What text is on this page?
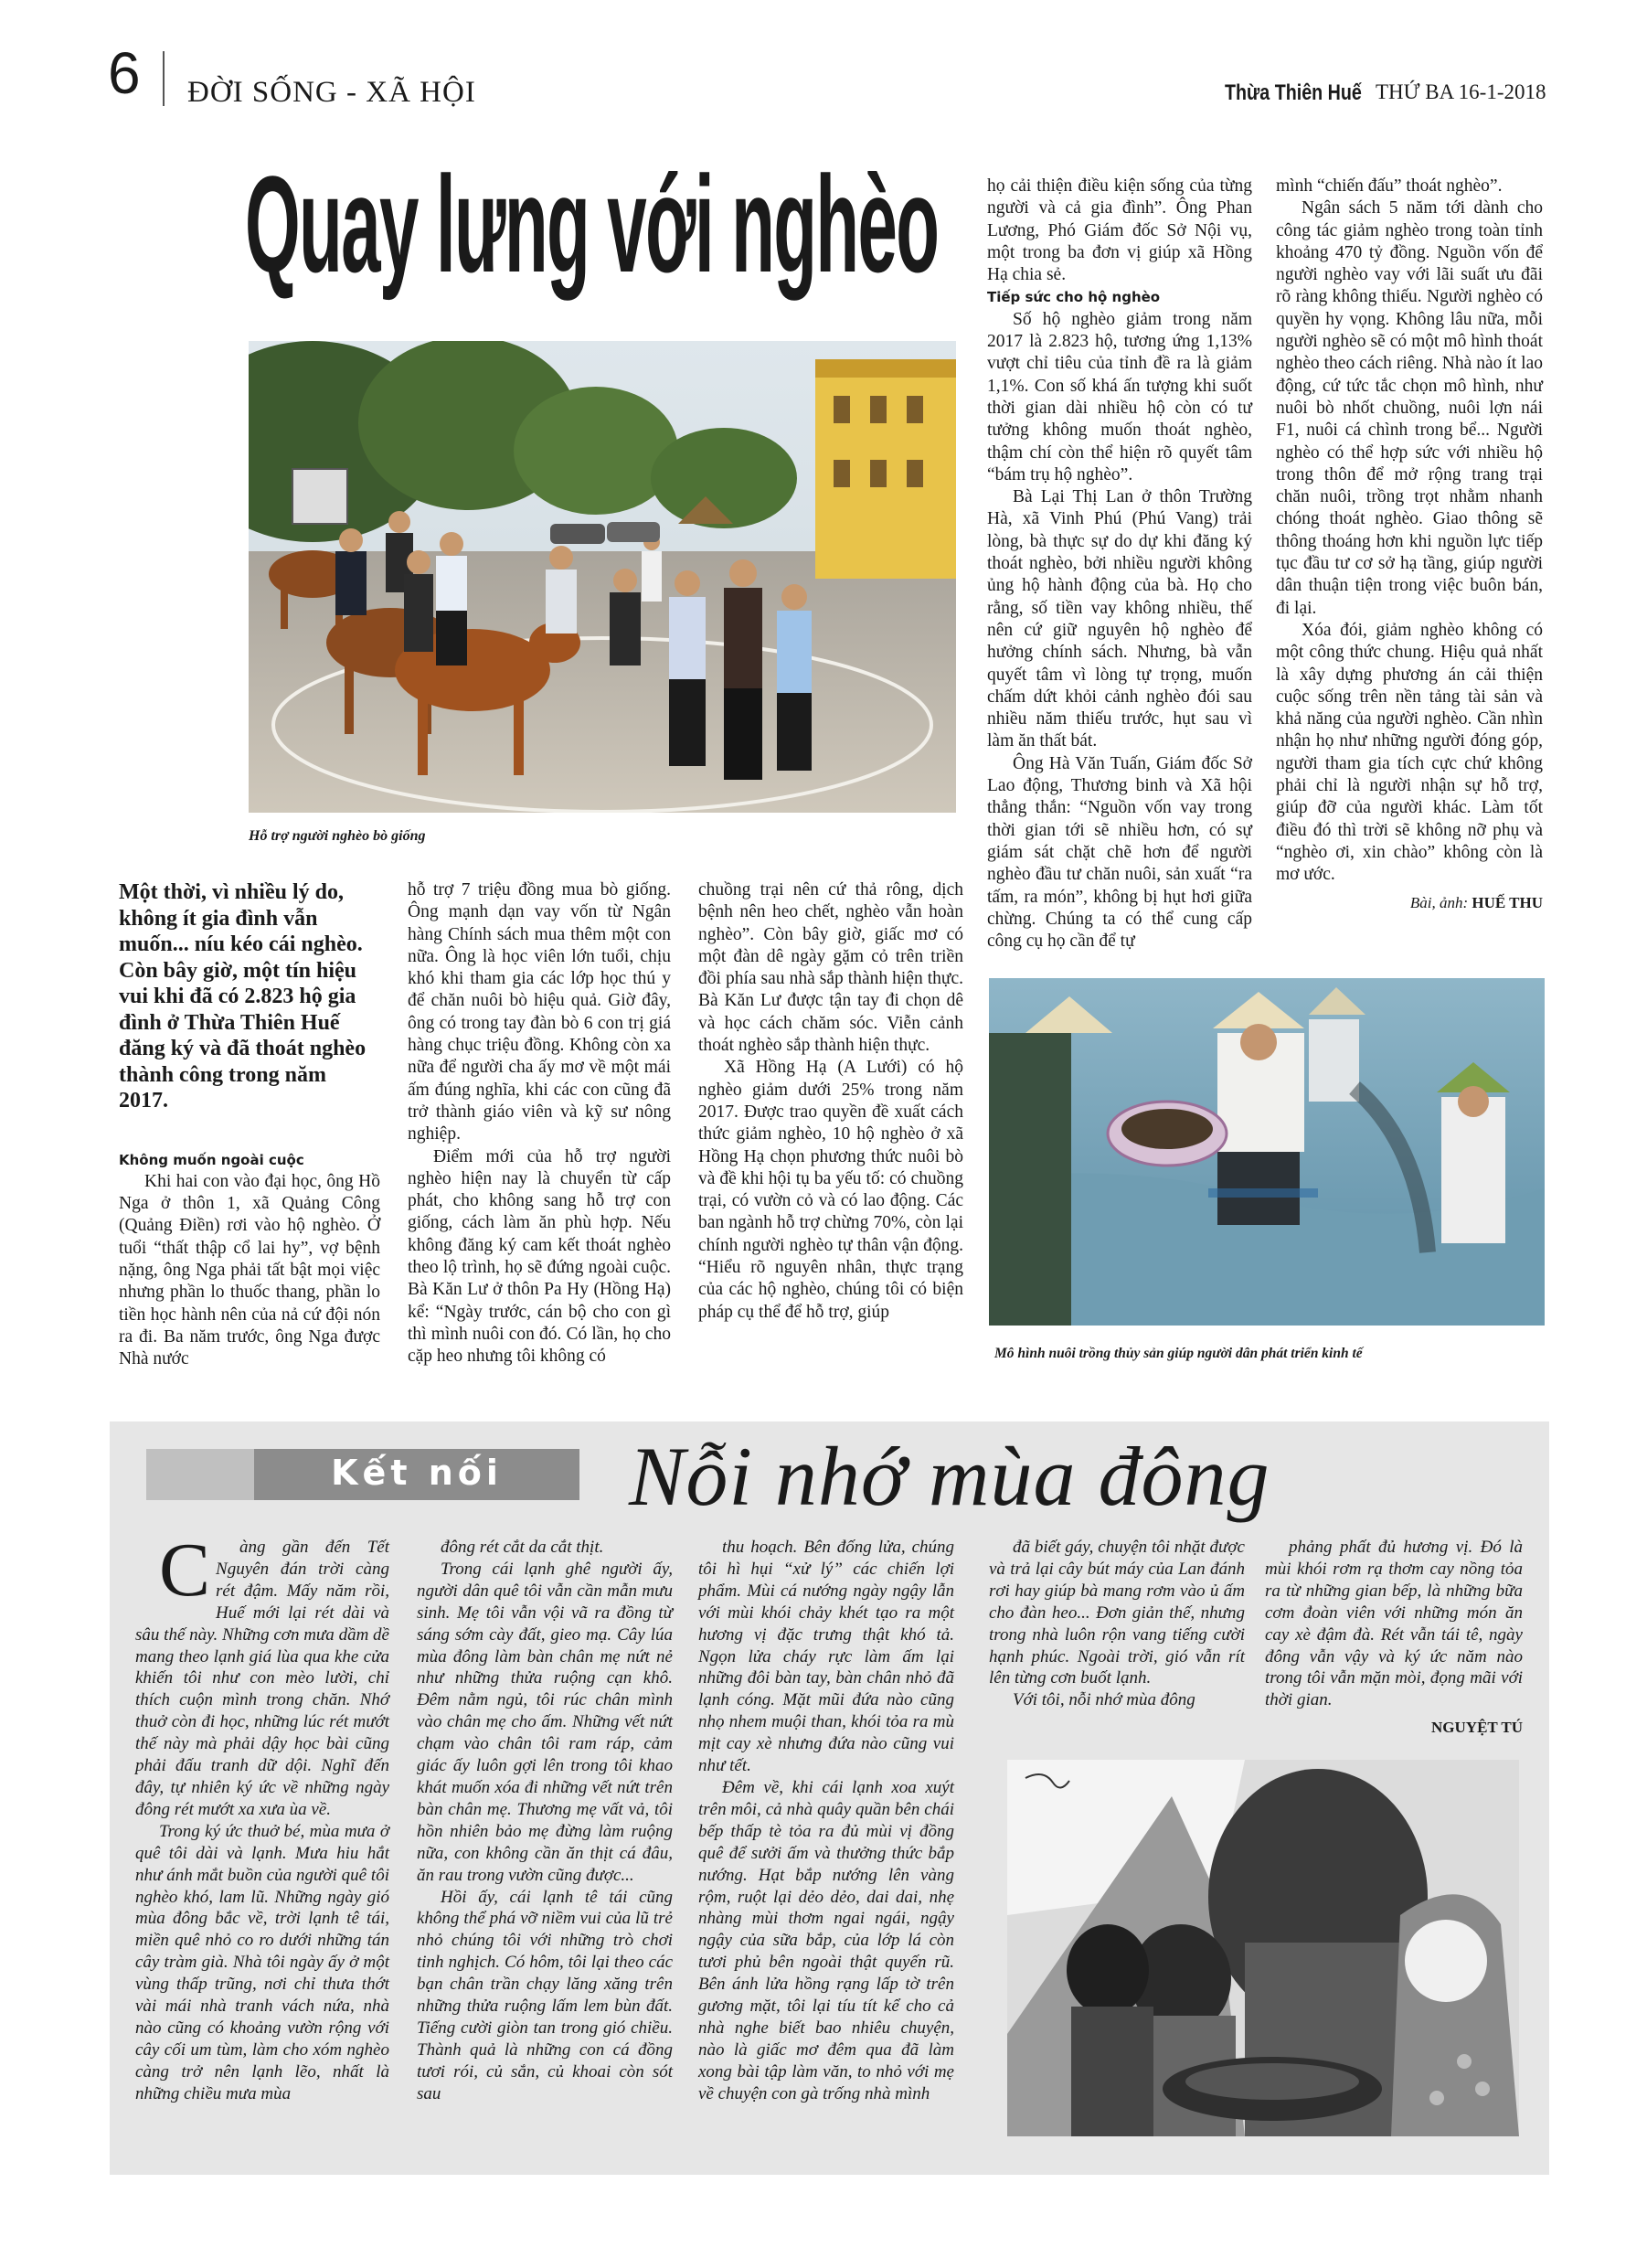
6 ĐỜI SỐNG - XÃ HỘI	Thừa Thiên Huế THỨ BA 16-1-2018
Quay lưng với nghèo
Hỗ trợ người nghèo bò giống
Một thời, vì nhiều lý do, không ít gia đình vẫn muốn... níu kéo cái nghèo. Còn bây giờ, một tín hiệu vui khi đã có 2.823 hộ gia đình ở Thừa Thiên Huế đăng ký và đã thoát nghèo thành công trong năm 2017.

Không muốn ngoài cuộc

Khi hai con vào đại học, ông Hồ Nga ở thôn 1, xã Quảng Công (Quảng Điền) rơi vào hộ nghèo. Ở tuổi “thất thập cổ lai hy”, vợ bệnh nặng, ông Nga phải tất bật mọi việc nhưng phần lo thuốc thang, phần lo tiền học hành nên của nả cứ đội nón ra đi. Ba năm trước, ông Nga được Nhà nước

hỗ trợ 7 triệu đồng mua bò giống. Ông mạnh dạn vay vốn từ Ngân hàng Chính sách mua thêm một con nữa. Ông là học viên lớn tuổi, chịu khó khi tham gia các lớp học thú y để chăn nuôi bò hiệu quả. Giờ đây, ông có trong tay đàn bò 6 con trị giá hàng chục triệu đồng. Không còn xa nữa để người cha ấy mơ về một mái ấm đúng nghĩa, khi các con cũng đã trở thành giáo viên và kỹ sư nông nghiệp.

Điểm mới của hỗ trợ người nghèo hiện nay là chuyển từ cấp phát, cho không sang hỗ trợ con giống, cách làm ăn phù hợp. Nếu không đăng ký cam kết thoát nghèo theo lộ trình, họ sẽ đứng ngoài cuộc. Bà Kăn Lư ở thôn Pa Hy (Hồng Hạ) kể: “Ngày trước, cán bộ cho con gì thì mình nuôi con đó. Có lần, họ cho cặp heo nhưng tôi không có

chuồng trại nên cứ thả rông, dịch bệnh nên heo chết, nghèo vẫn hoàn nghèo”. Còn bây giờ, giấc mơ có một đàn dê ngày gặm cỏ trên triền đồi phía sau nhà sắp thành hiện thực. Bà Kăn Lư được tận tay đi chọn dê và học cách chăm sóc. Viễn cảnh thoát nghèo sắp thành hiện thực.

Xã Hồng Hạ (A Lưới) có hộ nghèo giảm dưới 25% trong năm 2017. Được trao quyền đề xuất cách thức giảm nghèo, 10 hộ nghèo ở xã Hồng Hạ chọn phương thức nuôi bò và đề khi hội tụ ba yếu tố: có chuồng trại, có vườn cỏ và có lao động. Các ban ngành hỗ trợ chừng 70%, còn lại chính người nghèo tự thân vận động. “Hiểu rõ nguyên nhân, thực trạng của các hộ nghèo, chúng tôi có biện pháp cụ thể để hỗ trợ, giúp

họ cải thiện điều kiện sống của từng người và cả gia đình”. Ông Phan Lương, Phó Giám đốc Sở Nội vụ, một trong ba đơn vị giúp xã Hồng Hạ chia sẻ.

Tiếp sức cho hộ nghèo

Số hộ nghèo giảm trong năm 2017 là 2.823 hộ, tương ứng 1,13% vượt chỉ tiêu của tỉnh đề ra là giảm 1,1%. Con số khá ấn tượng khi suốt thời gian dài nhiều hộ còn có tư tưởng không muốn thoát nghèo, thậm chí còn thể hiện rõ quyết tâm “bám trụ hộ nghèo”.

Bà Lại Thị Lan ở thôn Trường Hà, xã Vinh Phú (Phú Vang) trải lòng, bà thực sự do dự khi đăng ký thoát nghèo, bởi nhiều người không ủng hộ hành động của bà. Họ cho rằng, số tiền vay không nhiều, thế nên cứ giữ nguyên hộ nghèo để hưởng chính sách. Nhưng, bà vẫn quyết tâm vì lòng tự trọng, muốn chấm dứt khỏi cảnh nghèo đói sau nhiều năm thiếu trước, hụt sau vì làm ăn thất bát.

Ông Hà Văn Tuấn, Giám đốc Sở Lao động, Thương binh và Xã hội thẳng thắn: “Nguồn vốn vay trong thời gian tới sẽ nhiều hơn, có sự giám sát chặt chẽ hơn để người nghèo đầu tư chăn nuôi, sản xuất “ra tấm, ra món”, không bị hụt hơi giữa chừng. Chúng ta có thể cung cấp công cụ họ cần để tự

mình “chiến đấu” thoát nghèo”.

Ngân sách 5 năm tới dành cho công tác giảm nghèo trong toàn tỉnh khoảng 470 tỷ đồng. Nguồn vốn để người nghèo vay với lãi suất ưu đãi rõ ràng không thiếu. Người nghèo có quyền hy vọng. Không lâu nữa, mỗi người nghèo sẽ có một mô hình thoát nghèo theo cách riêng. Nhà nào ít lao động, cứ tức tắc chọn mô hình, như nuôi bò nhốt chuồng, nuôi lợn nái F1, nuôi cá chình trong bể... Người nghèo có thể hợp sức với nhiều hộ trong thôn để mở rộng trang trại chăn nuôi, trồng trọt nhằm nhanh chóng thoát nghèo. Giao thông sẽ thông thoáng hơn khi nguồn lực tiếp tục đầu tư cơ sở hạ tầng, giúp người dân thuận tiện trong việc buôn bán, đi lại.

Xóa đói, giảm nghèo không có một công thức chung. Hiệu quả nhất là xây dựng phương án cải thiện cuộc sống trên nền tảng tài sản và khả năng của người nghèo. Cần nhìn nhận họ như những người đóng góp, người tham gia tích cực chứ không phải chỉ là người nhận sự hỗ trợ, giúp đỡ của người khác. Làm tốt điều đó thì trời sẽ không nỡ phụ và “nghèo ơi, xin chào” không còn là mơ ước.

Bài, ảnh: HUẾ THU
Mô hình nuôi trồng thủy sản giúp người dân phát triển kinh tế
Kết nối	Nỗi nhớ mùa đông

C àng gần đến Tết Nguyên đán trời càng rét đậm. Mấy năm rồi, Huế mới lại rét dài và sâu thế này. Những cơn mưa dầm dề mang theo lạnh giá lùa qua khe cửa khiến tôi như con mèo lười, chỉ thích cuộn mình trong chăn. Nhớ thuở còn đi học, những lúc rét mướt thế này mà phải dậy học bài cũng phải đấu tranh dữ dội. Nghĩ đến đây, tự nhiên ký ức về những ngày đông rét mướt xa xưa ùa về.

Trong ký ức thuở bé, mùa mưa ở quê tôi dài và lạnh. Mưa hiu hắt như ánh mắt buồn của người quê tôi nghèo khó, lam lũ. Những ngày gió mùa đông bắc về, trời lạnh tê tái, miền quê nhỏ co ro dưới những tán cây tràm già. Nhà tôi ngày ấy ở một vùng thấp trũng, nơi chỉ thưa thớt vài mái nhà tranh vách nứa, nhà nào cũng có khoảng vườn rộng với cây cối um tùm, làm cho xóm nghèo càng trở nên lạnh lẽo, nhất là những chiều mưa mùa

đông rét cắt da cắt thịt.

Trong cái lạnh ghê người ấy, người dân quê tôi vẫn cần mẫn mưu sinh. Mẹ tôi vẫn vội vã ra đồng từ sáng sớm cày đất, gieo mạ. Cây lúa mùa đông làm bàn chân mẹ nứt nẻ như những thửa ruộng cạn khô. Đêm nằm ngủ, tôi rúc chân mình vào chân mẹ cho ấm. Những vết nứt chạm vào chân tôi ram ráp, cảm giác ấy luôn gợi lên trong tôi khao khát muốn xóa đi những vết nứt trên bàn chân mẹ. Thương mẹ vất vả, tôi hồn nhiên bảo mẹ đừng làm ruộng nữa, con không cần ăn thịt cá đâu, ăn rau trong vườn cũng được...

Hồi ấy, cái lạnh tê tái cũng không thể phá vỡ niềm vui của lũ trẻ nhỏ chúng tôi với những trò chơi tinh nghịch. Có hôm, tôi lại theo các bạn chân trần chạy lăng xăng trên những thửa ruộng lấm lem bùn đất. Tiếng cười giòn tan trong gió chiều. Thành quả là những con cá đồng tươi rói, củ sắn, củ khoai còn sót sau

thu hoạch. Bên đống lửa, chúng tôi hì hụi “xử lý” các chiến lợi phẩm. Mùi cá nướng ngày ngậy lẫn với mùi khói chảy khét tạo ra một hương vị đặc trưng thật khó tả. Ngọn lửa cháy rực làm ấm lại những đôi bàn tay, bàn chân nhỏ đã lạnh cóng. Mặt mũi đứa nào cũng nhọ nhem muội than, khói tỏa ra mù mịt cay xè nhưng đứa nào cũng vui như tết.

Đêm về, khi cái lạnh xoa xuýt trên môi, cả nhà quây quần bên chái bếp thấp tè tỏa ra đủ mùi vị đồng quê để sưởi ấm và thưởng thức bắp nướng. Hạt bắp nướng lên vàng rộm, ruột lại dẻo dẻo, dai dai, nhẹ nhàng mùi thơm ngai ngái, ngậy ngậy của sữa bắp, của lớp lá còn tươi phủ bên ngoài thật quyến rũ. Bên ánh lửa hồng rạng lấp tờ trên gương mặt, tôi lại tíu tít kể cho cả nhà nghe biết bao nhiêu chuyện, nào là giấc mơ đêm qua đã làm xong bài tập làm văn, to nhỏ với mẹ về chuyện con gà trống nhà mình

đã biết gáy, chuyện tôi nhặt được và trả lại cây bút máy của Lan đánh rơi hay giúp bà mang rơm vào ủ ấm cho đàn heo... Đơn giản thế, nhưng trong nhà luôn rộn vang tiếng cười hạnh phúc. Ngoài trời, gió vẫn rít lên từng cơn buốt lạnh.

Với tôi, nỗi nhớ mùa đông

phảng phất đủ hương vị. Đó là mùi khói rơm rạ thơm cay nồng tỏa ra từ những gian bếp, là những bữa cơm đoàn viên với những món ăn cay xè đậm đà. Rét vẫn tái tê, ngày đông vẫn vậy và ký ức năm nào trong tôi vẫn mặn mòi, đọng mãi với thời gian.

NGUYỆT TÚ
